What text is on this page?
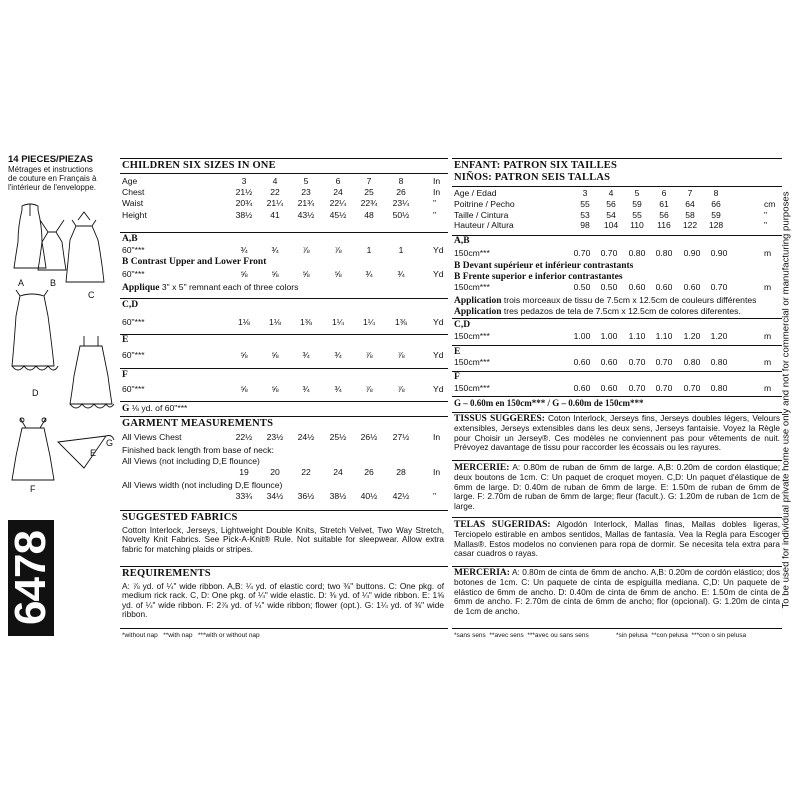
14 PIECES/PIEZAS
Métrages et instructions
de couture en Français à
l'intérieur de l'enveloppe.
A	B
C
D
E
F
G
6478
CHILDREN SIX SIZES IN ONE
Age	3	4	5	6	7	8	In
Chest	21½	22	23	24	25	26	In
Waist	20¾	21¼	21¾	22¼	22¾	23¼	"
Height	38½	41	43½	45½	48	50½	"
A,B
60"***	¾	¾	⅞	⅞	1	1	Yd
B Contrast Upper and Lower Front
60"***	⅝	⅝	⅝	⅝	¾	¾	Yd
Applique 3" x 5" remnant each of three colors
C,D
60"***	1⅛	1⅛	1⅜	1¼	1¼	1⅜	Yd
E
60"***	⅝	⅝	¾	¾	⅞	⅞	Yd
F
60"***	⅝	⅝	¾	¾	⅞	⅞	Yd
G ⅛ yd. of 60"***
GARMENT MEASUREMENTS
All Views Chest	22½	23½	24½	25½	26½	27½	In
Finished back length from base of neck:
All Views (not including D,E flounce)
19	20	22	24	26	28	In
All Views width (not including D,E flounce)
33¾	34½	36½	38½	40½	42½	"
SUGGESTED FABRICS
Cotton Interlock, Jerseys, Lightweight Double Knits, Stretch Velvet, Two Way Stretch, Novelty Knit Fabrics. See Pick-A-Knit® Rule. Not suitable for sleepwear. Allow extra fabric for matching plaids or stripes.
REQUIREMENTS
A: ⅞ yd. of ¼" wide ribbon. A,B: ¼ yd. of elastic cord; two ⅜" buttons. C: One pkg. of medium rick rack. C, D: One pkg. of ¼" wide elastic. D: ⅜ yd. of ¼" wide ribbon. E: 1⅝ yd. of ¼" wide ribbon. F: 2⅞ yd. of ¼" wide ribbon; flower (opt.). G: 1¼ yd. of ⅜" wide ribbon.
*without nap   **with nap   ***with or without nap
ENFANT: PATRON SIX TAILLES
NIÑOS: PATRON SEIS TALLAS
Age / Edad	3	4	5	6	7	8
Poitrine / Pecho	55	56	59	61	64	66	cm
Taille / Cintura	53	54	55	56	58	59	"
Hauteur / Altura	98	104	110	116	122	128	"
A,B
150cm***	0.70	0.70	0.80	0.80	0.90	0.90	m
B Devant supérieur et inférieur contrastants
B Frente superior e inferior contrastantes
150cm***	0.50	0.50	0.60	0.60	0.60	0.70	m
Application trois morceaux de tissu de 7.5cm x 12.5cm de couleurs différentes
Application tres pedazos de tela de 7.5cm x 12.5cm de colores diferentes.
C,D
150cm***	1.00	1.00	1.10	1.10	1.20	1.20	m
E
150cm***	0.60	0.60	0.70	0.70	0.80	0.80	m
F
150cm***	0.60	0.60	0.70	0.70	0.70	0.80	m
G – 0.60m en 150cm*** / G – 0.60m de 150cm***
TISSUS SUGGERES: Coton Interlock, Jerseys fins, Jerseys doubles légers, Velours extensibles, Jerseys extensibles dans les deux sens, Jerseys fantaisie. Voyez la Règle pour Choisir un Jersey®. Ces modèles ne conviennent pas pour vêtements de nuit. Prévoyez davantage de tissu pour raccorder les écossais ou les rayures.
MERCERIE: A: 0.80m de ruban de 6mm de large. A,B: 0.20m de cordon élastique; deux boutons de 1cm. C: Un paquet de croquet moyen. C,D: Un paquet d'élastique de 6mm de large. D: 0.40m de ruban de 6mm de large. E: 1.50m de ruban de 6mm de large. F: 2.70m de ruban de 6mm de large; fleur (facult.). G: 1.20m de ruban de 1cm de large.
TELAS SUGERIDAS: Algodón Interlock, Mallas finas, Mallas dobles ligeras, Terciopelo estirable en ambos sentidos, Mallas de fantasía. Vea la Regla para Escoger Mallas®. Estos modelos no convienen para ropa de dormir. Se necesita tela extra para casar cuadros o rayas.
MERCERIA: A: 0.80m de cinta de 6mm de ancho. A,B: 0.20m de cordón elástico; dos botones de 1cm. C: Un paquete de cinta de espiguilla mediana. C,D: Un paquete de elástico de 6mm de ancho. D: 0.40m de cinta de 6mm de ancho. E: 1.50m de cinta de 6mm de ancho. F: 2.70m de cinta de 6mm de ancho; flor (opcional). G: 1.20m de cinta de 1cm de ancho.
*sans sens  **avec sens  ***avec ou sans sens	*sin pelusa  **con pelusa  ***con o sin pelusa
To be used for individual private home use only and not for commercial or manufacturing purposes
